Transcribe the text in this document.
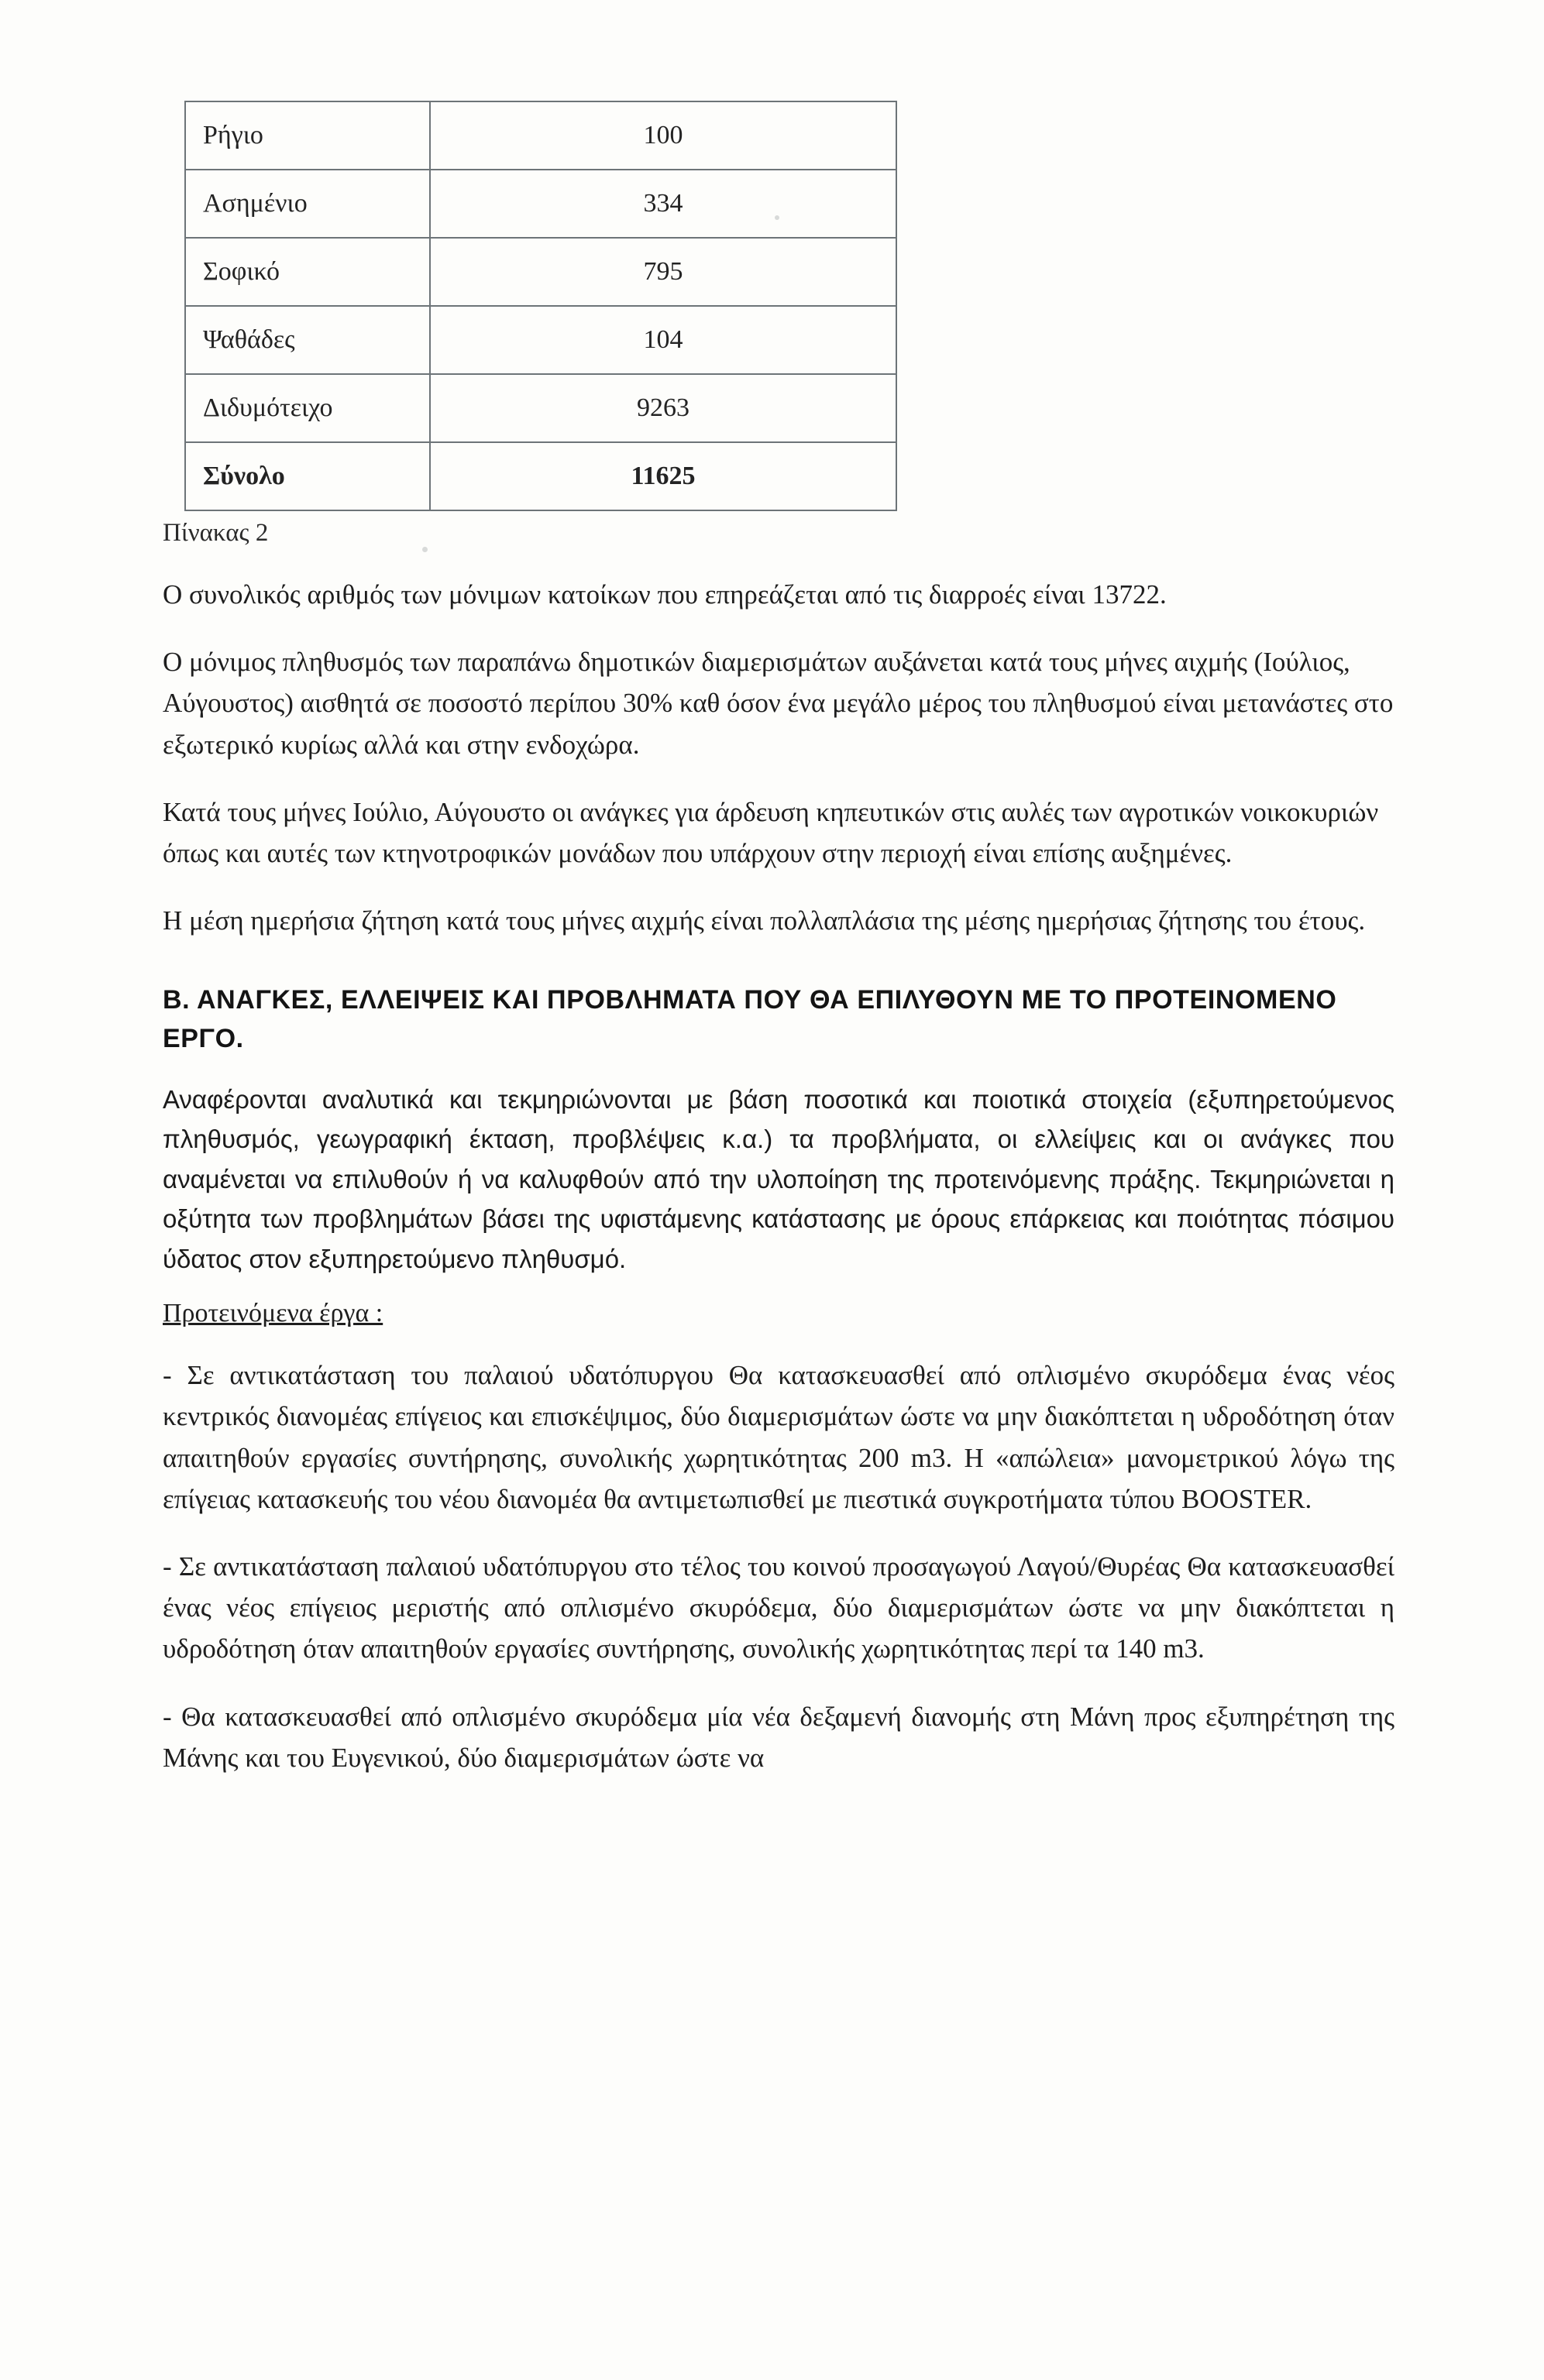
Ρήγιο	100
Ασημένιο	334
Σοφικό	795
Ψαθάδες	104
Διδυμότειχο	9263
Σύνολο	11625
Πίνακας 2

Ο συνολικός αριθμός των μόνιμων κατοίκων που επηρεάζεται από τις διαρροές είναι 13722.

Ο μόνιμος πληθυσμός των παραπάνω δημοτικών διαμερισμάτων αυξάνεται κατά τους μήνες αιχμής (Ιούλιος, Αύγουστος) αισθητά σε ποσοστό περίπου 30% καθ όσον ένα μεγάλο μέρος του πληθυσμού είναι μετανάστες στο εξωτερικό κυρίως αλλά και στην ενδοχώρα.

Κατά τους μήνες Ιούλιο, Αύγουστο οι ανάγκες για άρδευση κηπευτικών στις αυλές των αγροτικών νοικοκυριών όπως και αυτές των κτηνοτροφικών μονάδων που υπάρχουν στην περιοχή είναι επίσης αυξημένες.

Η μέση ημερήσια ζήτηση κατά τους μήνες αιχμής είναι πολλαπλάσια της μέσης ημερήσιας ζήτησης του έτους.

Β. ΑΝΑΓΚΕΣ, ΕΛΛΕΙΨΕΙΣ ΚΑΙ ΠΡΟΒΛΗΜΑΤΑ ΠΟΥ ΘΑ ΕΠΙΛΥΘΟΥΝ ΜΕ ΤΟ ΠΡΟΤΕΙΝΟΜΕΝΟ ΕΡΓΟ.

Αναφέρονται αναλυτικά και τεκμηριώνονται με βάση ποσοτικά και ποιοτικά στοιχεία (εξυπηρετούμενος πληθυσμός, γεωγραφική έκταση, προβλέψεις κ.α.) τα προβλήματα, οι ελλείψεις και οι ανάγκες που αναμένεται να επιλυθούν ή να καλυφθούν από την υλοποίηση της προτεινόμενης πράξης. Τεκμηριώνεται η οξύτητα των προβλημάτων βάσει της υφιστάμενης κατάστασης με όρους επάρκειας και ποιότητας πόσιμου ύδατος στον εξυπηρετούμενο πληθυσμό.

Προτεινόμενα έργα :

- Σε αντικατάσταση του παλαιού υδατόπυργου Θα κατασκευασθεί από οπλισμένο σκυρόδεμα ένας νέος κεντρικός διανομέας επίγειος και επισκέψιμος, δύο διαμερισμάτων ώστε να μην διακόπτεται η υδροδότηση όταν απαιτηθούν εργασίες συντήρησης, συνολικής χωρητικότητας 200 m3. Η «απώλεια» μανομετρικού λόγω της επίγειας κατασκευής του νέου διανομέα θα αντιμετωπισθεί με πιεστικά συγκροτήματα τύπου BOOSTER.

- Σε αντικατάσταση παλαιού υδατόπυργου στο τέλος του κοινού προσαγωγού Λαγού/Θυρέας Θα κατασκευασθεί ένας νέος επίγειος μεριστής από οπλισμένο σκυρόδεμα, δύο διαμερισμάτων ώστε να μην διακόπτεται η υδροδότηση όταν απαιτηθούν εργασίες συντήρησης, συνολικής χωρητικότητας περί τα 140 m3.

- Θα κατασκευασθεί από οπλισμένο σκυρόδεμα μία νέα δεξαμενή διανομής στη Μάνη προς εξυπηρέτηση της Μάνης και του Ευγενικού, δύο διαμερισμάτων ώστε να
